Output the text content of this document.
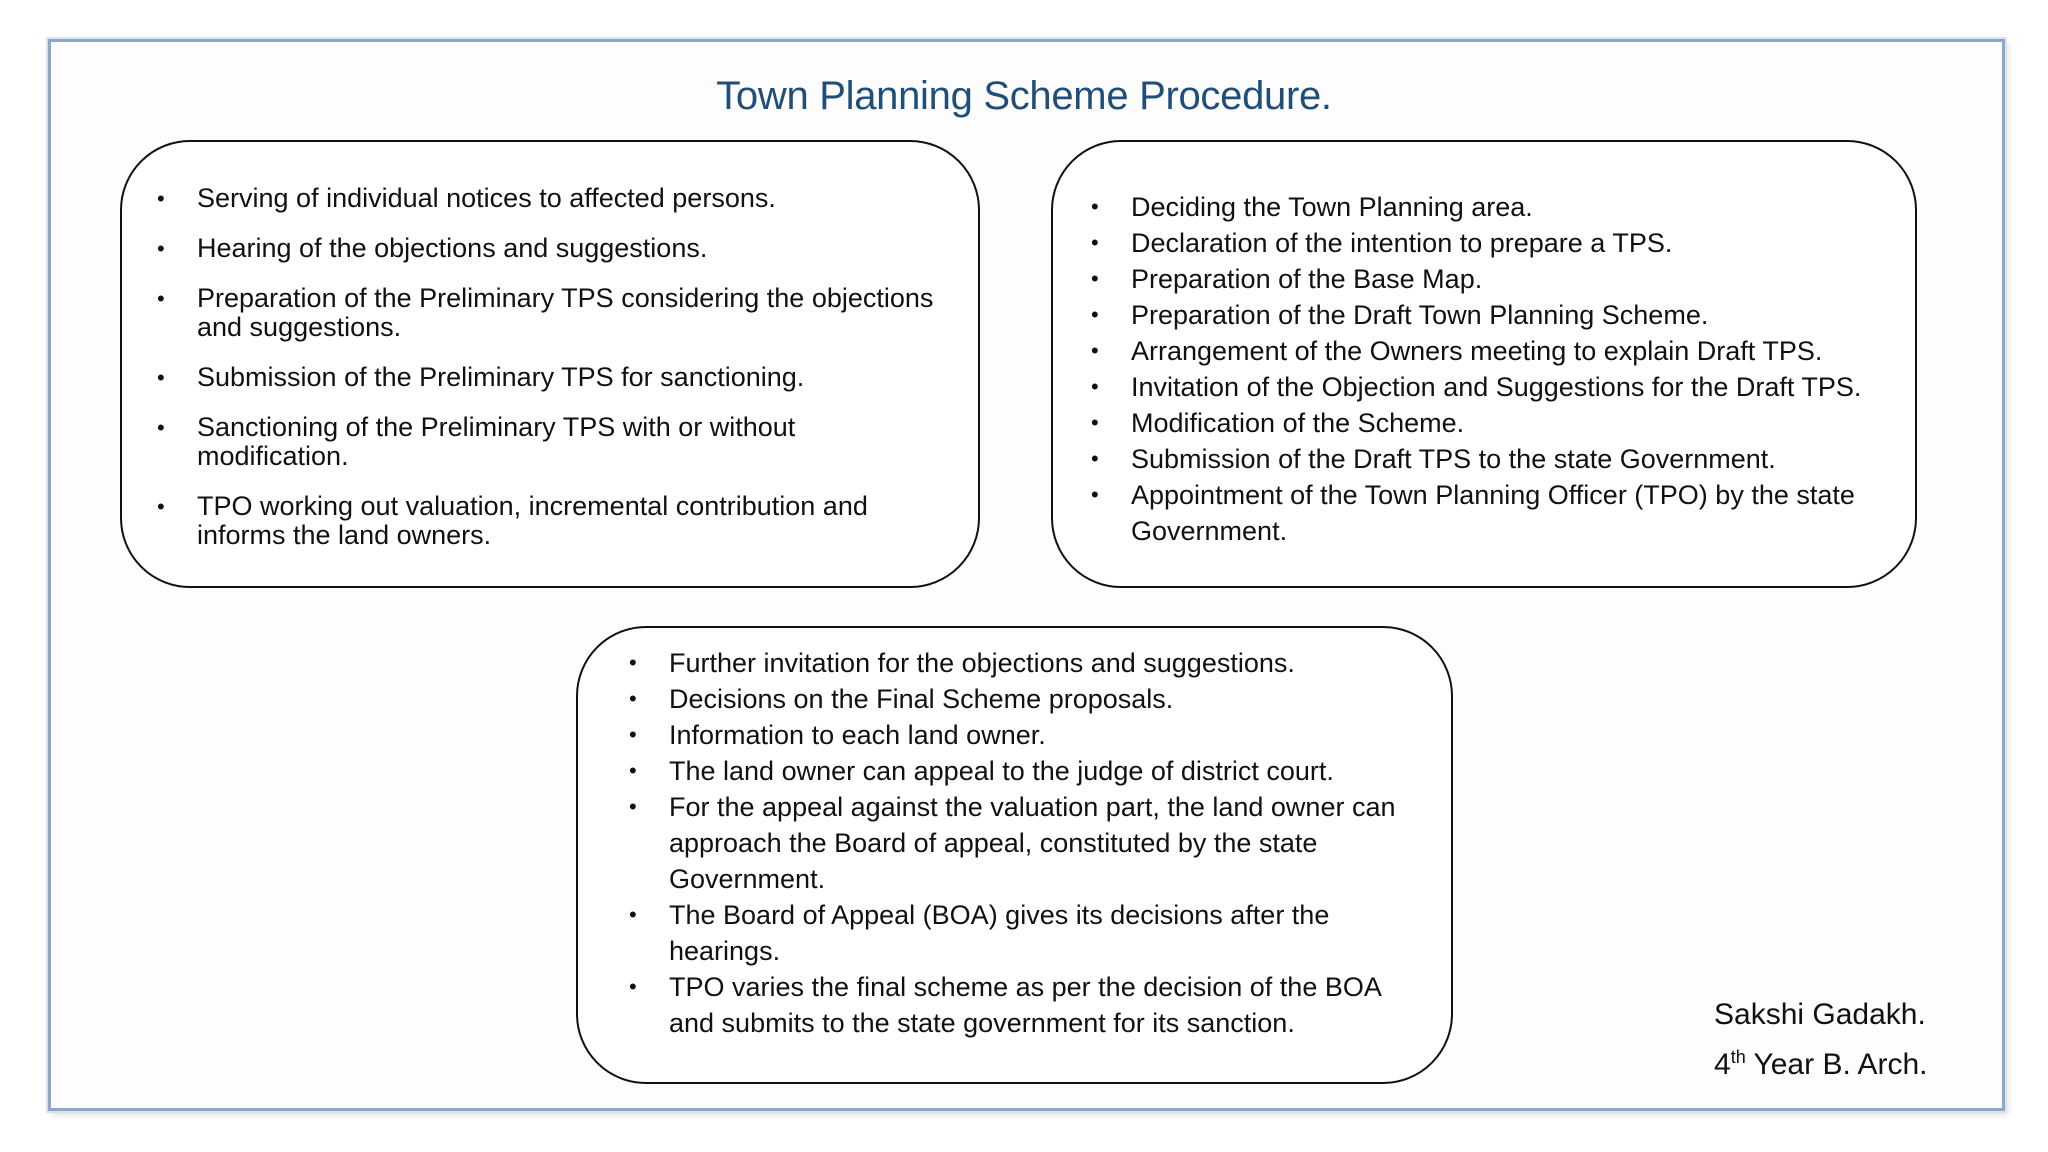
Town Planning Scheme Procedure.
• Serving of individual notices to affected persons.
• Hearing of the objections and suggestions.
• Preparation of the Preliminary TPS considering the objections and suggestions.
• Submission of the Preliminary TPS for sanctioning.
• Sanctioning of the Preliminary TPS with or without modification.
• TPO working out valuation, incremental contribution and informs the land owners.
• Deciding the Town Planning area.
• Declaration of the intention to prepare a TPS.
• Preparation of the Base Map.
• Preparation of the Draft Town Planning Scheme.
• Arrangement of the Owners meeting to explain Draft TPS.
• Invitation of the Objection and Suggestions for the Draft TPS.
• Modification of the Scheme.
• Submission of the Draft TPS to the state Government.
• Appointment of the Town Planning Officer (TPO) by the state Government.
• Further invitation for the objections and suggestions.
• Decisions on the Final Scheme proposals.
• Information to each land owner.
• The land owner can appeal to the judge of district court.
• For the appeal against the valuation part, the land owner can approach the Board of appeal, constituted by the state Government.
• The Board of Appeal (BOA) gives its decisions after the hearings.
• TPO varies the final scheme as per the decision of the BOA and submits to the state government for its sanction.	Sakshi Gadakh.
4th Year B. Arch.
